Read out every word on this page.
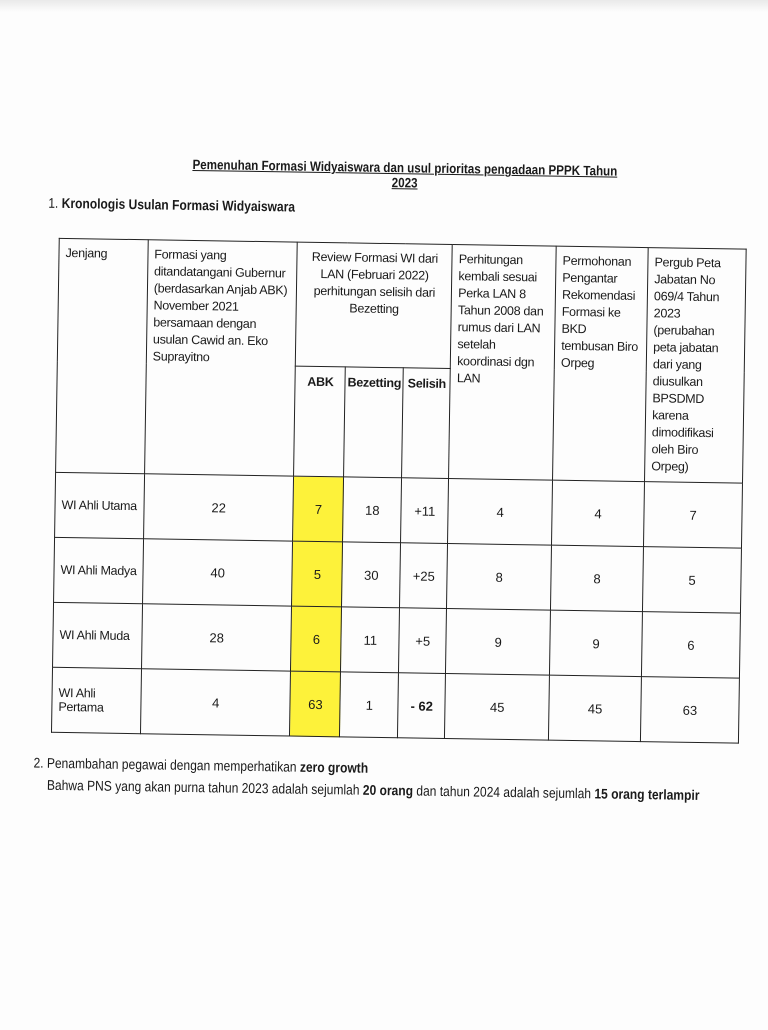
Pemenuhan Formasi Widyaiswara dan usul prioritas pengadaan PPPK Tahun 2023
1. Kronologis Usulan Formasi Widyaiswara
Jenjang	Formasi yang ditandatangani Gubernur (berdasarkan Anjab ABK) November 2021 bersamaan dengan usulan Cawid an. Eko Suprayitno	Review Formasi WI dari LAN (Februari 2022) perhitungan selisih dari Bezetting			Perhitungan kembali sesuai Perka LAN 8 Tahun 2008 dan rumus dari LAN setelah koordinasi dgn LAN	Permohonan Pengantar Rekomendasi Formasi ke BKD tembusan Biro Orpeg	Pergub Peta Jabatan No 069/4 Tahun 2023 (perubahan peta jabatan dari yang diusulkan BPSDMD karena dimodifikasi oleh Biro Orpeg)

		ABK	Bezetting	Selisih			
WI Ahli Utama	22	7	18	+11	4	4	7
WI Ahli Madya	40	5	30	+25	8	8	5
WI Ahli Muda	28	6	11	+5	9	9	6
WI Ahli Pertama	4	63	1	- 62	45	45	63
2. Penambahan pegawai dengan memperhatikan zero growth
Bahwa PNS yang akan purna tahun 2023 adalah sejumlah 20 orang dan tahun 2024 adalah sejumlah 15 orang terlampir
